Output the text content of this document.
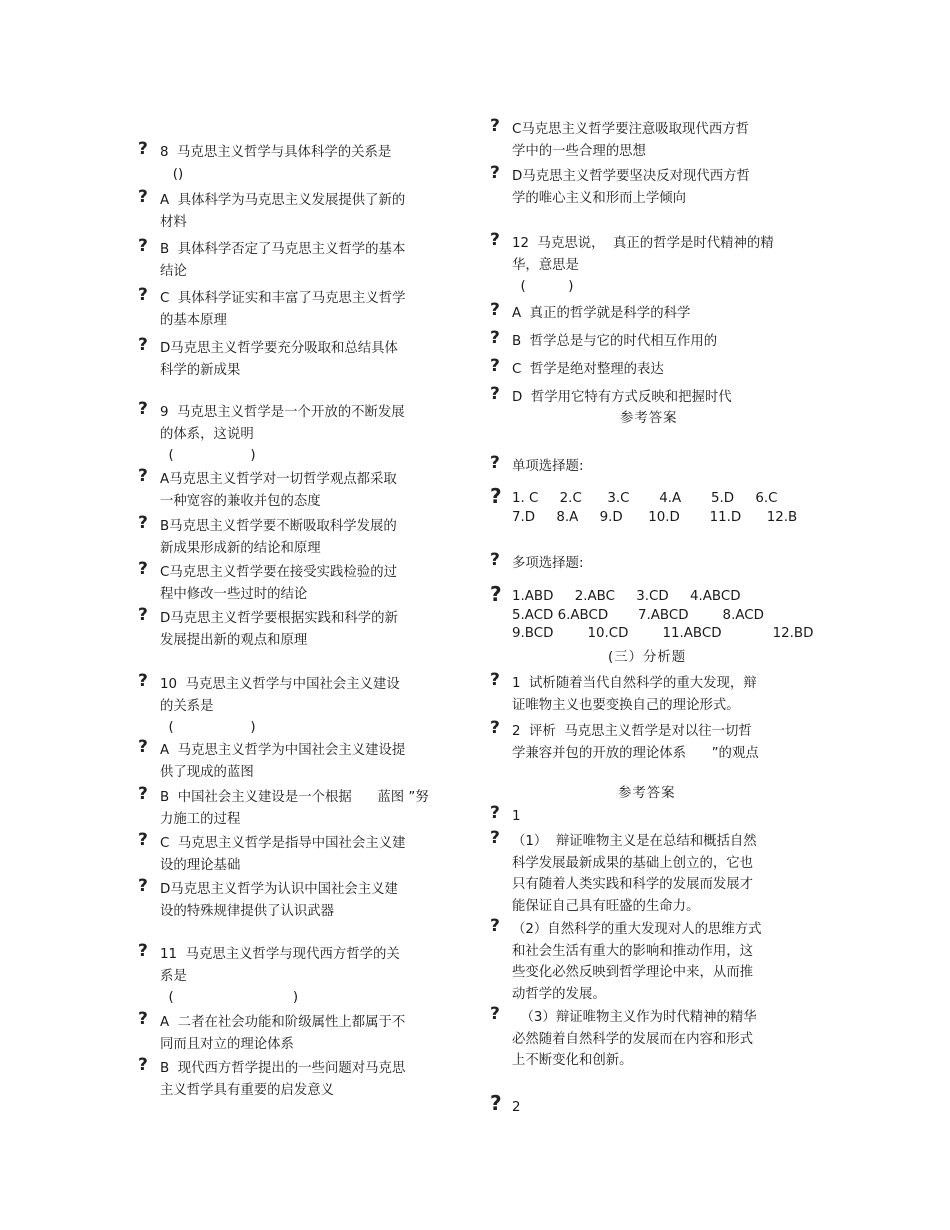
? 8  马克思主义哲学与具体科学的关系是
()
? A  具体科学为马克思主义发展提供了新的
材料
? B  具体科学否定了马克思主义哲学的基本
结论
? C  具体科学证实和丰富了马克思主义哲学
的基本原理
? D马克思主义哲学要充分吸取和总结具体
科学的新成果
? 9  马克思主义哲学是一个开放的不断发展
的体系，这说明
(                  )
? A马克思主义哲学对一切哲学观点都采取
一种宽容的兼收并包的态度
? B马克思主义哲学要不断吸取科学发展的
新成果形成新的结论和原理
? C马克思主义哲学要在接受实践检验的过
程中修改一些过时的结论
? D马克思主义哲学要根据实践和科学的新
发展提出新的观点和原理
? 10  马克思主义哲学与中国社会主义建设
的关系是
(                  )
? A  马克思主义哲学为中国社会主义建设提
供了现成的蓝图
? B  中国社会主义建设是一个根据      蓝图 ”努
力施工的过程
? C  马克思主义哲学是指导中国社会主义建
设的理论基础
? D马克思主义哲学为认识中国社会主义建
设的特殊规律提供了认识武器
? 11  马克思主义哲学与现代西方哲学的关
系是
(                            )
? A  二者在社会功能和阶级属性上都属于不
同而且对立的理论体系
? B  现代西方哲学提出的一些问题对马克思
主义哲学具有重要的启发意义
? C马克思主义哲学要注意吸取现代西方哲
学中的一些合理的思想
? D马克思主义哲学要坚决反对现代西方哲
学的唯心主义和形而上学倾向
? 12  马克思说，  真正的哲学是时代精神的精
华，意思是
(          )
? A  真正的哲学就是科学的科学
? B  哲学总是与它的时代相互作用的
? C  哲学是绝对整理的表达
? D  哲学用它特有方式反映和把握时代
参考答案
? 单项选择题:
? 1. C     2.C      3.C       4.A       5.D     6.C
7.D     8.A     9.D      10.D       11.D      12.B
? 多项选择题:
? 1.ABD     2.ABC     3.CD     4.ABCD
5.ACD 6.ABCD       7.ABCD        8.ACD
9.BCD        10.CD        11.ABCD            12.BD
(三）分析题
? 1  试析随着当代自然科学的重大发现，辩
证唯物主义也要变换自己的理论形式。
? 2  评析  马克思主义哲学是对以往一切哲
学兼容并包的开放的理论体系      ”的观点
参考答案
? 1
? （1）  辩证唯物主义是在总结和概括自然
科学发展最新成果的基础上创立的，它也
只有随着人类实践和科学的发展而发展才
能保证自己具有旺盛的生命力。
? （2）自然科学的重大发现对人的思维方式
和社会生活有重大的影响和推动作用，这
些变化必然反映到哲学理论中来，从而推
动哲学的发展。
?	（3）辩证唯物主义作为时代精神的精华
必然随着自然科学的发展而在内容和形式
上不断变化和创新。
? 2
